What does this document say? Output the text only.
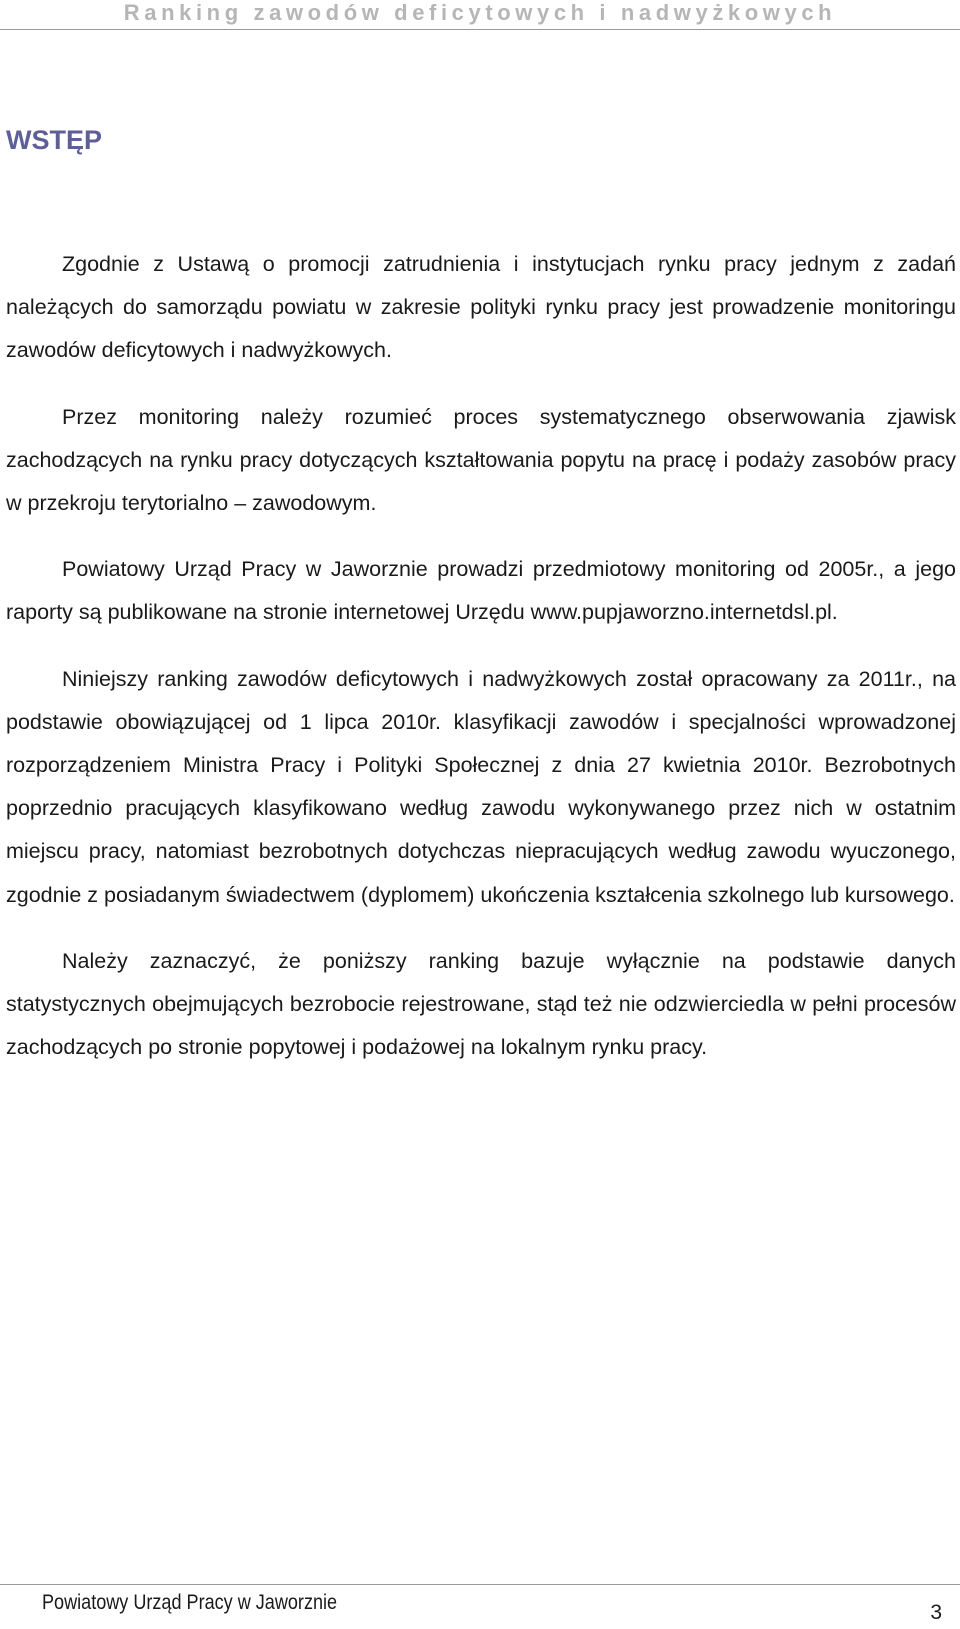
Ranking zawodów deficytowych i nadwyżkowych
WSTĘP

Zgodnie z Ustawą o promocji zatrudnienia i instytucjach rynku pracy jednym z zadań należących do samorządu powiatu w zakresie polityki rynku pracy jest prowadzenie monitoringu zawodów deficytowych i nadwyżkowych.

Przez monitoring należy rozumieć proces systematycznego obserwowania zjawisk zachodzących na rynku pracy dotyczących kształtowania popytu na pracę i podaży zasobów pracy w przekroju terytorialno – zawodowym.

Powiatowy Urząd Pracy w Jaworznie prowadzi przedmiotowy monitoring od 2005r., a jego raporty są publikowane na stronie internetowej Urzędu www.pupjaworzno.internetdsl.pl.

Niniejszy ranking zawodów deficytowych i nadwyżkowych został opracowany za 2011r., na podstawie obowiązującej od 1 lipca 2010r. klasyfikacji zawodów i specjalności wprowadzonej rozporządzeniem Ministra Pracy i Polityki Społecznej z dnia 27 kwietnia 2010r. Bezrobotnych poprzednio pracujących klasyfikowano według zawodu wykonywanego przez nich w ostatnim miejscu pracy, natomiast bezrobotnych dotychczas niepracujących według zawodu wyuczonego, zgodnie z posiadanym świadectwem (dyplomem) ukończenia kształcenia szkolnego lub kursowego.

Należy zaznaczyć, że poniższy ranking bazuje wyłącznie na podstawie danych statystycznych obejmujących bezrobocie rejestrowane, stąd też nie odzwierciedla w pełni procesów zachodzących po stronie popytowej i podażowej na lokalnym rynku pracy.

Powiatowy Urząd Pracy w Jaworznie	3
